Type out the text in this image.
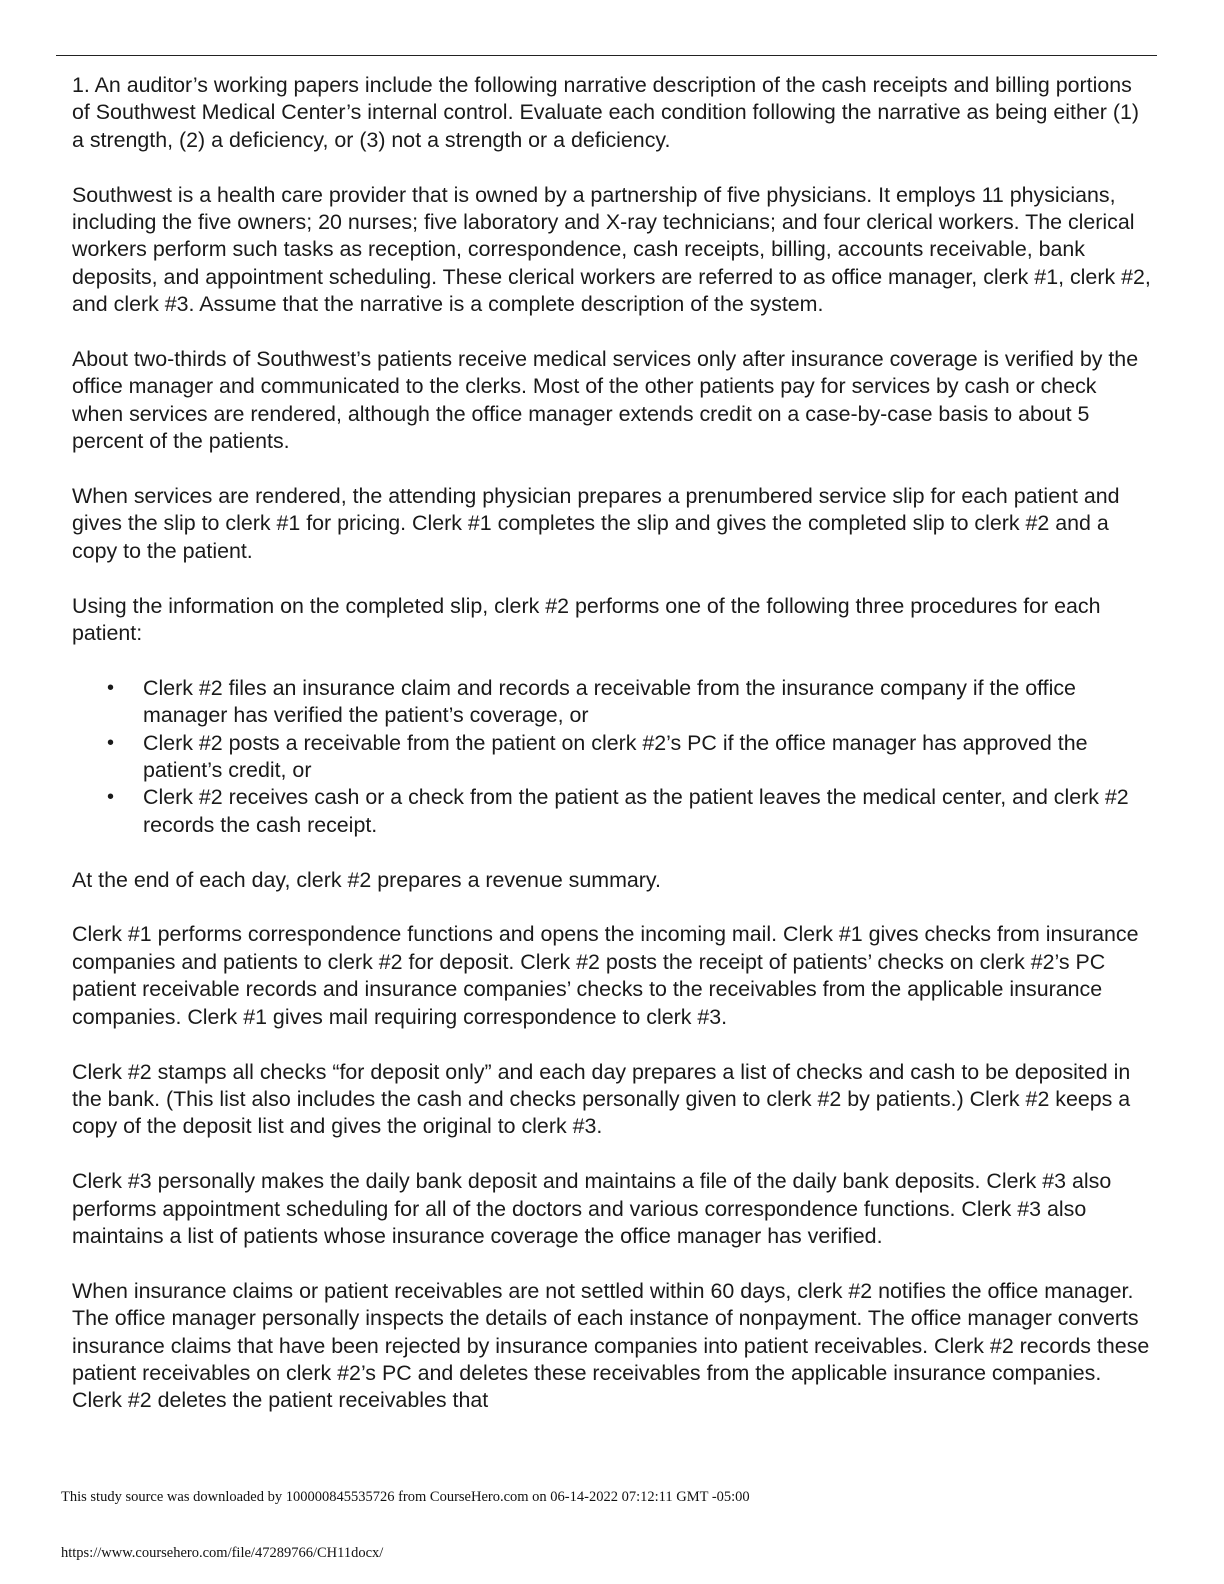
1. An auditor’s working papers include the following narrative description of the cash receipts and billing portions of Southwest Medical Center’s internal control. Evaluate each condition following the narrative as being either (1) a strength, (2) a deficiency, or (3) not a strength or a deficiency.

Southwest is a health care provider that is owned by a partnership of five physicians. It employs 11 physicians, including the five owners; 20 nurses; five laboratory and X-ray technicians; and four clerical workers. The clerical workers perform such tasks as reception, correspondence, cash receipts, billing, accounts receivable, bank deposits, and appointment scheduling. These clerical workers are referred to as office manager, clerk #1, clerk #2, and clerk #3. Assume that the narrative is a complete description of the system.

About two-thirds of Southwest’s patients receive medical services only after insurance coverage is verified by the office manager and communicated to the clerks. Most of the other patients pay for services by cash or check when services are rendered, although the office manager extends credit on a case-by-case basis to about 5 percent of the patients.

When services are rendered, the attending physician prepares a prenumbered service slip for each patient and gives the slip to clerk #1 for pricing. Clerk #1 completes the slip and gives the completed slip to clerk #2 and a copy to the patient.

Using the information on the completed slip, clerk #2 performs one of the following three procedures for each patient:

• Clerk #2 files an insurance claim and records a receivable from the insurance company if the office manager has verified the patient’s coverage, or
• Clerk #2 posts a receivable from the patient on clerk #2’s PC if the office manager has approved the patient’s credit, or
• Clerk #2 receives cash or a check from the patient as the patient leaves the medical center, and clerk #2 records the cash receipt.

At the end of each day, clerk #2 prepares a revenue summary.

Clerk #1 performs correspondence functions and opens the incoming mail. Clerk #1 gives checks from insurance companies and patients to clerk #2 for deposit. Clerk #2 posts the receipt of patients’ checks on clerk #2’s PC patient receivable records and insurance companies’ checks to the receivables from the applicable insurance companies. Clerk #1 gives mail requiring correspondence to clerk #3.

Clerk #2 stamps all checks “for deposit only” and each day prepares a list of checks and cash to be deposited in the bank. (This list also includes the cash and checks personally given to clerk #2 by patients.) Clerk #2 keeps a copy of the deposit list and gives the original to clerk #3.

Clerk #3 personally makes the daily bank deposit and maintains a file of the daily bank deposits. Clerk #3 also performs appointment scheduling for all of the doctors and various correspondence functions. Clerk #3 also maintains a list of patients whose insurance coverage the office manager has verified.

When insurance claims or patient receivables are not settled within 60 days, clerk #2 notifies the office manager. The office manager personally inspects the details of each instance of nonpayment. The office manager converts insurance claims that have been rejected by insurance companies into patient receivables. Clerk #2 records these patient receivables on clerk #2’s PC and deletes these receivables from the applicable insurance companies. Clerk #2 deletes the patient receivables that

This study source was downloaded by 100000845535726 from CourseHero.com on 06-14-2022 07:12:11 GMT -05:00
https://www.coursehero.com/file/47289766/CH11docx/
